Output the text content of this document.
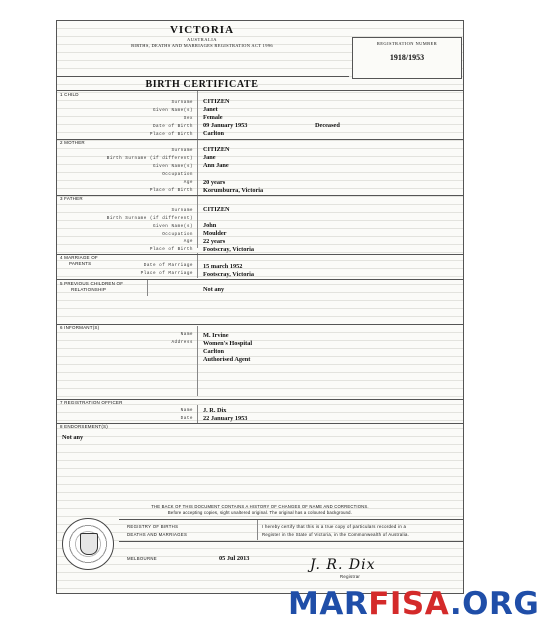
VICTORIA
AUSTRALIA
BIRTHS, DEATHS AND MARRIAGES REGISTRATION ACT 1996	REGISTRATION NUMBER
1918/1953
BIRTH CERTIFICATE
1 CHILD
Surname CITIZEN
Given Name(s) Janet
Sex Female
Date of Birth 09 January 1953	Deceased
Place of Birth Carlton
2 MOTHER
Surname CITIZEN
Birth Surname (if different) Jane
Given Name(s) Ann Jane
Occupation
Age 20 years
Place of Birth Korumburra, Victoria
3 FATHER
Surname CITIZEN
Birth Surname (if different)
Given Name(s) John
Occupation Moulder
Age 22 years
Place of Birth Footscray, Victoria
4 MARRIAGE OF
PARENTS	Date of Marriage 15 march 1952
Place of Marriage Footscray, Victoria
5 PREVIOUS CHILDREN OF
RELATIONSHIP	Not any
6 INFORMANT(S)
Name M. Irvine
Address Women's Hospital
Carlton
Authorised Agent
7 REGISTRATION OFFICER
Name J. R. Dix
Date 22 January 1953
8 ENDORSEMENT(S)
Not any
THE BACK OF THIS DOCUMENT CONTAINS A HISTORY OF CHANGES OF NAME AND CORRECTIONS.
Before accepting copies, sight unaltered original. The original has a coloured background.
REGISTRY OF BIRTHS
DEATHS AND MARRIAGES
I hereby certify that this is a true copy of particulars recorded in a
Register in the State of Victoria, in the Commonwealth of Australia.
MELBOURNE	05 Jul 2013	J. R. Dix
Registrar
MARFISA.ORG
